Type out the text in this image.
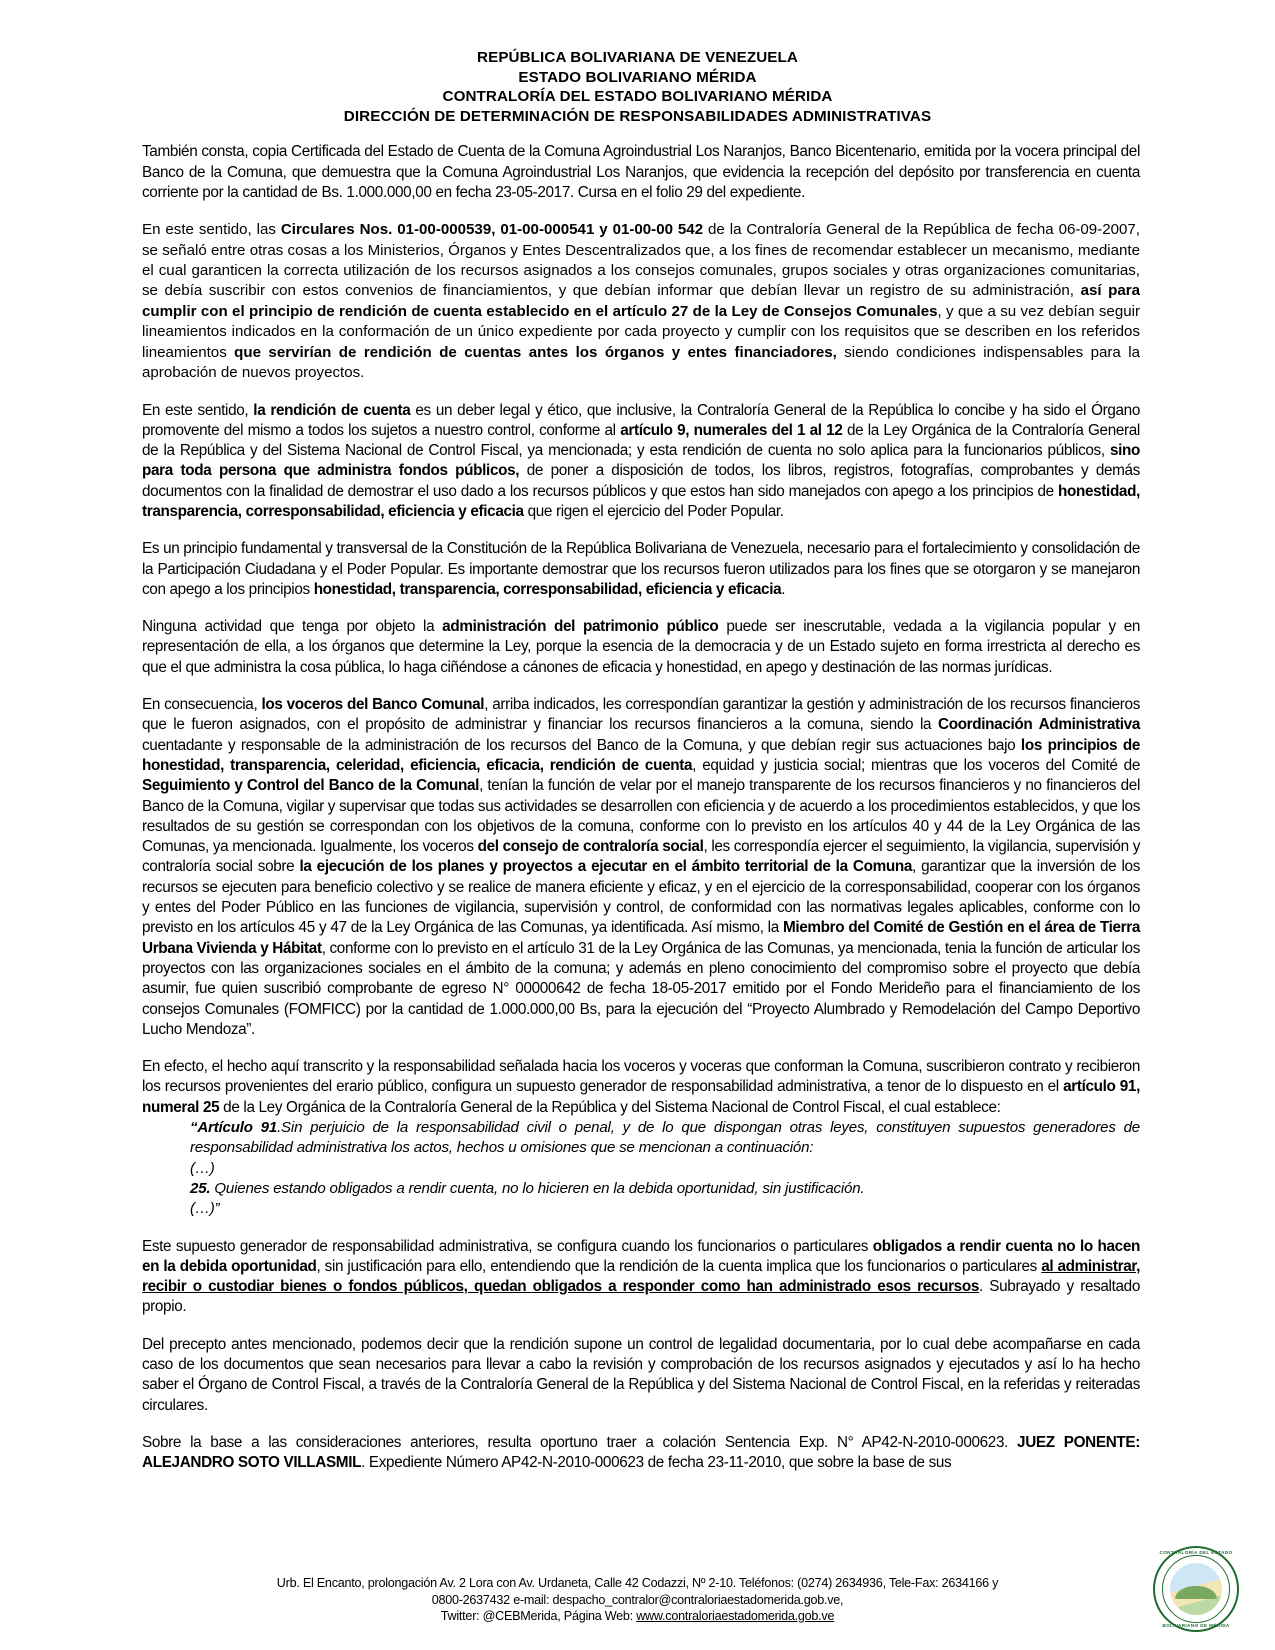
REPÚBLICA BOLIVARIANA DE VENEZUELA
ESTADO BOLIVARIANO MÉRIDA
CONTRALORÍA DEL ESTADO BOLIVARIANO MÉRIDA
DIRECCIÓN DE DETERMINACIÓN DE RESPONSABILIDADES ADMINISTRATIVAS

También consta, copia Certificada del Estado de Cuenta de la Comuna Agroindustrial Los Naranjos, Banco Bicentenario, emitida por la vocera principal del Banco de la Comuna, que demuestra que la Comuna Agroindustrial Los Naranjos, que evidencia la recepción del depósito por transferencia en cuenta corriente por la cantidad de Bs. 1.000.000,00 en fecha 23-05-2017. Cursa en el folio 29 del expediente.

En este sentido, las Circulares Nos. 01-00-000539, 01-00-000541 y 01-00-00 542 de la Contraloría General de la República de fecha 06-09-2007, se señaló entre otras cosas a los Ministerios, Órganos y Entes Descentralizados que, a los fines de recomendar establecer un mecanismo, mediante el cual garanticen la correcta utilización de los recursos asignados a los consejos comunales, grupos sociales y otras organizaciones comunitarias, se debía suscribir con estos convenios de financiamientos, y que debían informar que debían llevar un registro de su administración, así para cumplir con el principio de rendición de cuenta establecido en el artículo 27 de la Ley de Consejos Comunales, y que a su vez debían seguir lineamientos indicados en la conformación de un único expediente por cada proyecto y cumplir con los requisitos que se describen en los referidos lineamientos que servirían de rendición de cuentas antes los órganos y entes financiadores, siendo condiciones indispensables para la aprobación de nuevos proyectos.

En este sentido, la rendición de cuenta es un deber legal y ético, que inclusive, la Contraloría General de la República lo concibe y ha sido el Órgano promovente del mismo a todos los sujetos a nuestro control, conforme al artículo 9, numerales del 1 al 12 de la Ley Orgánica de la Contraloría General de la República y del Sistema Nacional de Control Fiscal, ya mencionada; y esta rendición de cuenta no solo aplica para la funcionarios públicos, sino para toda persona que administra fondos públicos, de poner a disposición de todos, los libros, registros, fotografías, comprobantes y demás documentos con la finalidad de demostrar el uso dado a los recursos públicos y que estos han sido manejados con apego a los principios de honestidad, transparencia, corresponsabilidad, eficiencia y eficacia que rigen el ejercicio del Poder Popular.

Es un principio fundamental y transversal de la Constitución de la República Bolivariana de Venezuela, necesario para el fortalecimiento y consolidación de la Participación Ciudadana y el Poder Popular. Es importante demostrar que los recursos fueron utilizados para los fines que se otorgaron y se manejaron con apego a los principios honestidad, transparencia, corresponsabilidad, eficiencia y eficacia.

Ninguna actividad que tenga por objeto la administración del patrimonio público puede ser inescrutable, vedada a la vigilancia popular y en representación de ella, a los órganos que determine la Ley, porque la esencia de la democracia y de un Estado sujeto en forma irrestricta al derecho es que el que administra la cosa pública, lo haga ciñéndose a cánones de eficacia y honestidad, en apego y destinación de las normas jurídicas.

En consecuencia, los voceros del Banco Comunal, arriba indicados, les correspondían garantizar la gestión y administración de los recursos financieros que le fueron asignados, con el propósito de administrar y financiar los recursos financieros a la comuna, siendo la Coordinación Administrativa cuentadante y responsable de la administración de los recursos del Banco de la Comuna, y que debían regir sus actuaciones bajo los principios de honestidad, transparencia, celeridad, eficiencia, eficacia, rendición de cuenta, equidad y justicia social; mientras que los voceros del Comité de Seguimiento y Control del Banco de la Comunal, tenían la función de velar por el manejo transparente de los recursos financieros y no financieros del Banco de la Comuna, vigilar y supervisar que todas sus actividades se desarrollen con eficiencia y de acuerdo a los procedimientos establecidos, y que los resultados de su gestión se correspondan con los objetivos de la comuna, conforme con lo previsto en los artículos 40 y 44 de la Ley Orgánica de las Comunas, ya mencionada. Igualmente, los voceros del consejo de contraloría social, les correspondía ejercer el seguimiento, la vigilancia, supervisión y contraloría social sobre la ejecución de los planes y proyectos a ejecutar en el ámbito territorial de la Comuna, garantizar que la inversión de los recursos se ejecuten para beneficio colectivo y se realice de manera eficiente y eficaz, y en el ejercicio de la corresponsabilidad, cooperar con los órganos y entes del Poder Público en las funciones de vigilancia, supervisión y control, de conformidad con las normativas legales aplicables, conforme con lo previsto en los artículos 45 y 47 de la Ley Orgánica de las Comunas, ya identificada. Así mismo, la Miembro del Comité de Gestión en el área de Tierra Urbana Vivienda y Hábitat, conforme con lo previsto en el artículo 31 de la Ley Orgánica de las Comunas, ya mencionada, tenia la función de articular los proyectos con las organizaciones sociales en el ámbito de la comuna; y además en pleno conocimiento del compromiso sobre el proyecto que debía asumir, fue quien suscribió comprobante de egreso N° 00000642 de fecha 18-05-2017 emitido por el Fondo Merideño para el financiamiento de los consejos Comunales (FOMFICC) por la cantidad de 1.000.000,00 Bs, para la ejecución del “Proyecto Alumbrado y Remodelación del Campo Deportivo Lucho Mendoza”.

En efecto, el hecho aquí transcrito y la responsabilidad señalada hacia los voceros y voceras que conforman la Comuna, suscribieron contrato y recibieron los recursos provenientes del erario público, configura un supuesto generador de responsabilidad administrativa, a tenor de lo dispuesto en el artículo 91, numeral 25 de la Ley Orgánica de la Contraloría General de la República y del Sistema Nacional de Control Fiscal, el cual establece:

“Artículo 91.Sin perjuicio de la responsabilidad civil o penal, y de lo que dispongan otras leyes, constituyen supuestos generadores de responsabilidad administrativa los actos, hechos u omisiones que se mencionan a continuación:
(…)
25. Quienes estando obligados a rendir cuenta, no lo hicieren en la debida oportunidad, sin justificación.
(…)”

Este supuesto generador de responsabilidad administrativa, se configura cuando los funcionarios o particulares obligados a rendir cuenta no lo hacen en la debida oportunidad, sin justificación para ello, entendiendo que la rendición de la cuenta implica que los funcionarios o particulares al administrar, recibir o custodiar bienes o fondos públicos, quedan obligados a responder como han administrado esos recursos. Subrayado y resaltado propio.

Del precepto antes mencionado, podemos decir que la rendición supone un control de legalidad documentaria, por lo cual debe acompañarse en cada caso de los documentos que sean necesarios para llevar a cabo la revisión y comprobación de los recursos asignados y ejecutados y así lo ha hecho saber el Órgano de Control Fiscal, a través de la Contraloría General de la República y del Sistema Nacional de Control Fiscal, en la referidas y reiteradas circulares.

Sobre la base a las consideraciones anteriores, resulta oportuno traer a colación Sentencia Exp. N° AP42-N-2010-000623. JUEZ PONENTE: ALEJANDRO SOTO VILLASMIL. Expediente Número AP42-N-2010-000623 de fecha 23-11-2010, que sobre la base de sus

Urb. El Encanto, prolongación Av. 2 Lora con Av. Urdaneta, Calle 42 Codazzi, Nº 2-10. Teléfonos: (0274) 2634936, Tele-Fax: 2634166 y
0800-2637432 e-mail: despacho_contralor@contraloriaestadomerida.gob.ve,
Twitter: @CEBMerida, Página Web: www.contraloriaestadomerida.gob.ve
CONTRALORÍA DEL ESTADO
BOLIVARIANO DE MÉRIDA
